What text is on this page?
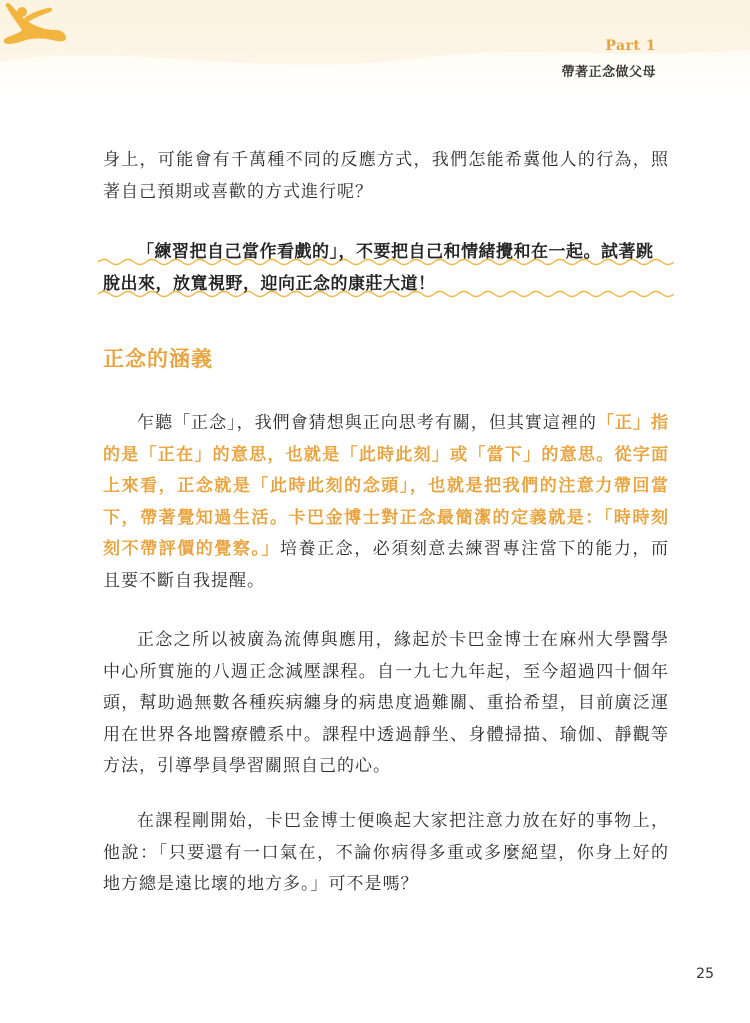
Part 1
帶著正念做父母

身上，可能會有千萬種不同的反應方式，我們怎能希冀他人的行為，照著自己預期或喜歡的方式進行呢？

「練習把自己當作看戲的」，不要把自己和情緒攪和在一起。試著跳脫出來，放寬視野，迎向正念的康莊大道！

正念的涵義

乍聽「正念」，我們會猜想與正向思考有關，但其實這裡的「正」指的是「正在」的意思，也就是「此時此刻」或「當下」的意思。從字面上來看，正念就是「此時此刻的念頭」，也就是把我們的注意力帶回當下，帶著覺知過生活。卡巴金博士對正念最簡潔的定義就是：「時時刻刻不帶評價的覺察。」培養正念，必須刻意去練習專注當下的能力，而且要不斷自我提醒。

正念之所以被廣為流傳與應用，緣起於卡巴金博士在麻州大學醫學中心所實施的八週正念減壓課程。自一九七九年起，至今超過四十個年頭，幫助過無數各種疾病纏身的病患度過難關、重拾希望，目前廣泛運用在世界各地醫療體系中。課程中透過靜坐、身體掃描、瑜伽、靜觀等方法，引導學員學習關照自己的心。

在課程剛開始，卡巴金博士便喚起大家把注意力放在好的事物上，他說：「只要還有一口氣在，不論你病得多重或多麼絕望，你身上好的地方總是遠比壞的地方多。」可不是嗎？

25
